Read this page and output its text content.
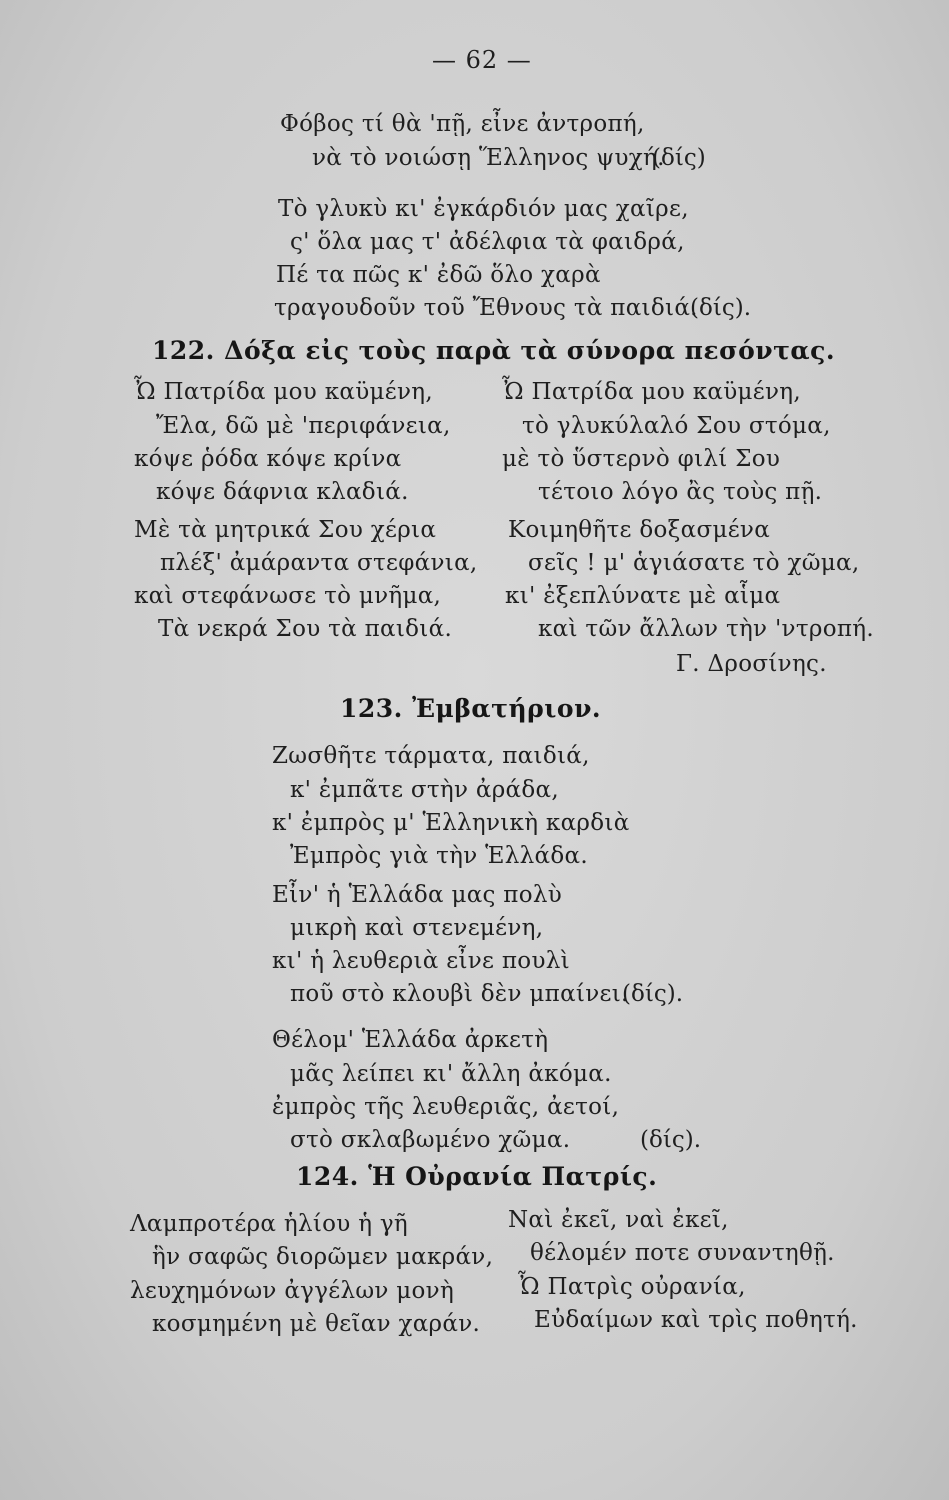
— 62 —
Φόβος τί θὰ 'πῇ, εἶνε ἀντροπή,
νὰ τὸ νοιώσῃ Ἕλληνος ψυχή.
(δίς)
Τὸ γλυκὺ κι' ἐγκάρδιόν μας χαῖρε,
ς' ὅλα μας τ' ἀδέλφια τὰ φαιδρά,
Πέ τα πῶς κ' ἐδῶ ὅλο χαρὰ
τραγουδοῦν τοῦ Ἔθνους τὰ παιδιά.
(δίς).
122. Δόξα εἰς τοὺς παρὰ τὰ σύνορα πεσόντας.
Ὦ Πατρίδα μου καϋμένη,
Ἔλα, δῶ μὲ 'περιφάνεια,
κόψε ῥόδα κόψε κρίνα
κόψε δάφνια κλαδιά.
Μὲ τὰ μητρικά Σου χέρια
πλέξ' ἀμάραντα στεφάνια,
καὶ στεφάνωσε τὸ μνῆμα,
Τὰ νεκρά Σου τὰ παιδιά.
Ὦ Πατρίδα μου καϋμένη,
τὸ γλυκύλαλό Σου στόμα,
μὲ τὸ ὕστερνὸ φιλί Σου
τέτοιο λόγο ἂς τοὺς πῇ.
Κοιμηθῆτε δοξασμένα
σεῖς ! μ' ἁγιάσατε τὸ χῶμα,
κι' ἐξεπλύνατε μὲ αἷμα
καὶ τῶν ἄλλων τὴν 'ντροπή.
Γ. Δροσίνης.
123. Ἐμβατήριον.
Ζωσθῆτε τάρματα, παιδιά,
κ' ἐμπᾶτε στὴν ἀράδα,
κ' ἐμπρὸς μ' Ἑλληνικὴ καρδιὰ
Ἐμπρὸς γιὰ τὴν Ἑλλάδα.
Εἶν' ἡ Ἑλλάδα μας πολὺ
μικρὴ καὶ στενεμένη,
κι' ἡ λευθεριὰ εἶνε πουλὶ
ποῦ στὸ κλουβὶ δὲν μπαίνει.
(δίς).
Θέλομ' Ἑλλάδα ἀρκετὴ
μᾶς λείπει κι' ἄλλη ἀκόμα.
ἐμπρὸς τῆς λευθεριᾶς, ἀετοί,
στὸ σκλαβωμένο χῶμα.	(δίς).
124. Ἡ Οὐρανία Πατρίς.
Λαμπροτέρα ἡλίου ἡ γῆ
ἣν σαφῶς διορῶμεν μακράν,
λευχημόνων ἀγγέλων μονὴ
κοσμημένη μὲ θεῖαν χαράν.
Ναὶ ἐκεῖ, ναὶ ἐκεῖ,
θέλομέν ποτε συναντηθῇ.
Ὦ Πατρὶς οὐρανία,
Εὐδαίμων καὶ τρὶς ποθητή.
